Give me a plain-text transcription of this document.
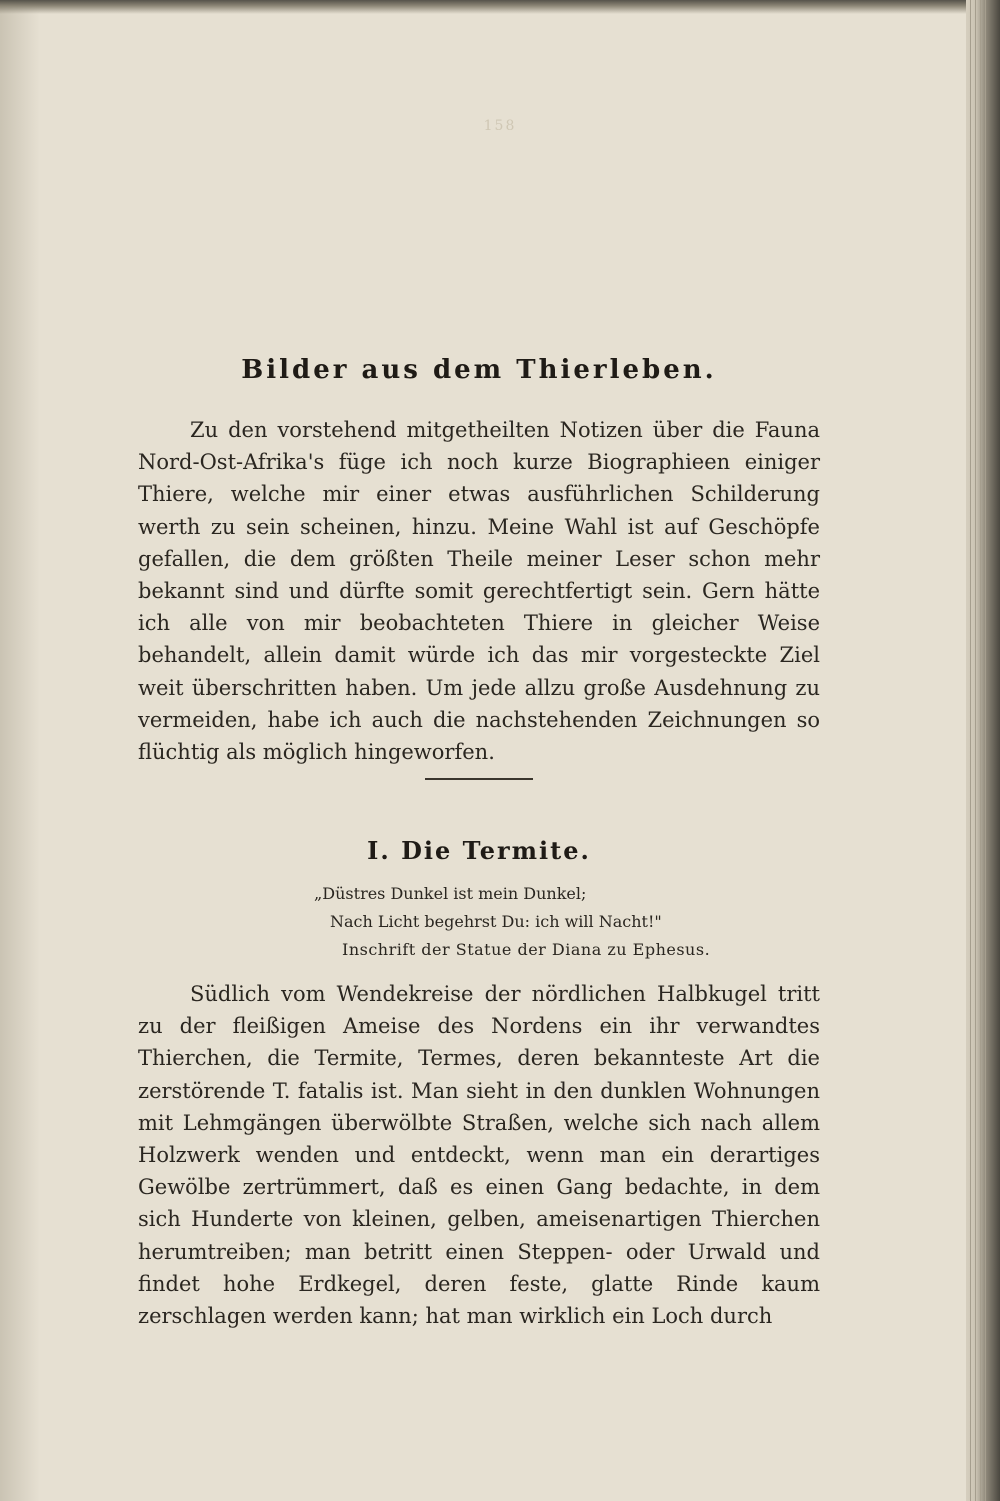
158
Bilder aus dem Thierleben.
Zu den vorstehend mitgetheilten Notizen über die Fauna Nord-Ost-Afrika's füge ich noch kurze Biographieen einiger Thiere, welche mir einer etwas ausführlichen Schilderung werth zu sein scheinen, hinzu. Meine Wahl ist auf Geschöpfe gefallen, die dem größten Theile meiner Leser schon mehr bekannt sind und dürfte somit gerechtfertigt sein. Gern hätte ich alle von mir beobachteten Thiere in gleicher Weise behandelt, allein damit würde ich das mir vorgesteckte Ziel weit überschritten haben. Um jede allzu große Ausdehnung zu vermeiden, habe ich auch die nachstehenden Zeichnungen so flüchtig als möglich hingeworfen.
I. Die Termite.
„Düstres Dunkel ist mein Dunkel;
Nach Licht begehrst Du: ich will Nacht!"
Inschrift der Statue der Diana zu Ephesus.
Südlich vom Wendekreise der nördlichen Halbkugel tritt zu der fleißigen Ameise des Nordens ein ihr verwandtes Thierchen, die Termite, Termes, deren bekannteste Art die zerstörende T. fatalis ist. Man sieht in den dunklen Wohnungen mit Lehmgängen überwölbte Straßen, welche sich nach allem Holzwerk wenden und entdeckt, wenn man ein derartiges Gewölbe zertrümmert, daß es einen Gang bedachte, in dem sich Hunderte von kleinen, gelben, ameisenartigen Thierchen herumtreiben; man betritt einen Steppen- oder Urwald und findet hohe Erdkegel, deren feste, glatte Rinde kaum zerschlagen werden kann; hat man wirklich ein Loch durch
